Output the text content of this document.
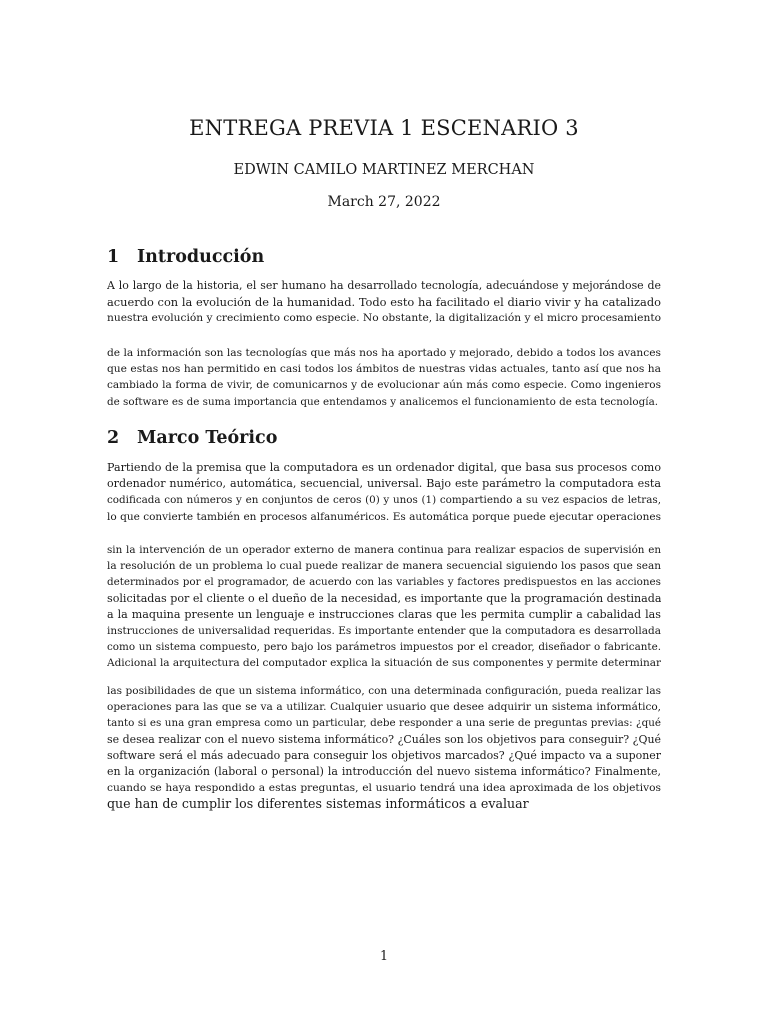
ENTREGA PREVIA 1 ESCENARIO 3
EDWIN CAMILO MARTINEZ MERCHAN
March 27, 2022
1 Introducción
A lo largo de la historia, el ser humano ha desarrollado tecnología, adecuándose y mejorándose de
acuerdo con la evolución de la humanidad. Todo esto ha facilitado el diario vivir y ha catalizado
nuestra evolución y crecimiento como especie. No obstante, la digitalización y el micro procesamiento
de la información son las tecnologías que más nos ha aportado y mejorado, debido a todos los avances
que estas nos han permitido en casi todos los ámbitos de nuestras vidas actuales, tanto así que nos ha
cambiado la forma de vivir, de comunicarnos y de evolucionar aún más como especie. Como ingenieros
de software es de suma importancia que entendamos y analicemos el funcionamiento de esta tecnología.
2 Marco Teórico
Partiendo de la premisa que la computadora es un ordenador digital, que basa sus procesos como
ordenador numérico, automática, secuencial, universal. Bajo este parámetro la computadora esta
codificada con números y en conjuntos de ceros (0) y unos (1) compartiendo a su vez espacios de letras,
lo que convierte también en procesos alfanuméricos. Es automática porque puede ejecutar operaciones
sin la intervención de un operador externo de manera continua para realizar espacios de supervisión en
la resolución de un problema lo cual puede realizar de manera secuencial siguiendo los pasos que sean
determinados por el programador, de acuerdo con las variables y factores predispuestos en las acciones
solicitadas por el cliente o el dueño de la necesidad, es importante que la programación destinada
a la maquina presente un lenguaje e instrucciones claras que les permita cumplir a cabalidad las
instrucciones de universalidad requeridas. Es importante entender que la computadora es desarrollada
como un sistema compuesto, pero bajo los parámetros impuestos por el creador, diseñador o fabricante.
Adicional la arquitectura del computador explica la situación de sus componentes y permite determinar
las posibilidades de que un sistema informático, con una determinada configuración, pueda realizar las
operaciones para las que se va a utilizar. Cualquier usuario que desee adquirir un sistema informático,
tanto si es una gran empresa como un particular, debe responder a una serie de preguntas previas: ¿qué
se desea realizar con el nuevo sistema informático? ¿Cuáles son los objetivos para conseguir? ¿Qué
software será el más adecuado para conseguir los objetivos marcados? ¿Qué impacto va a suponer
en la organización (laboral o personal) la introducción del nuevo sistema informático? Finalmente,
cuando se haya respondido a estas preguntas, el usuario tendrá una idea aproximada de los objetivos
que han de cumplir los diferentes sistemas informáticos a evaluar
1
